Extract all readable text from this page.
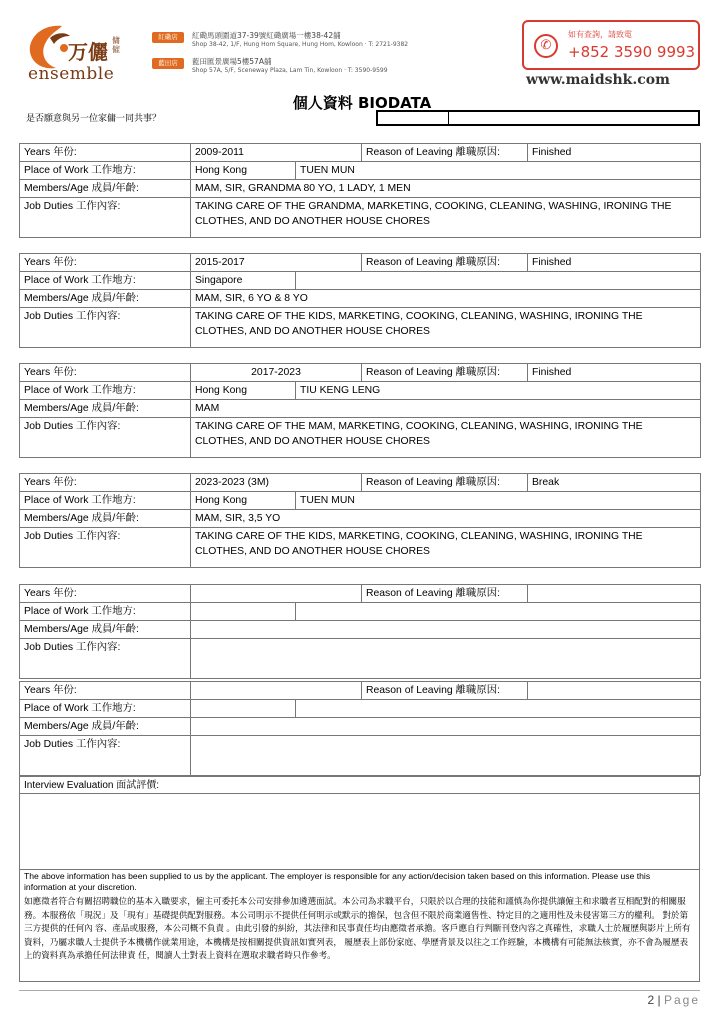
万儷 傭僱
ensemble
紅磡店	紅磡馬頭圍道37-39號紅磡廣場一樓38-42舖
Shop 38-42, 1/F, Hung Hom Square, Hung Hom, Kowloon · T: 2721-9382
藍田店	藍田匯景廣場5樓57A舖
Shop 57A, 5/F, Sceneway Plaza, Lam Tin, Kowloon · T: 3590-9599
✆
如有查詢，請致電
+852 3590 9993
www.maidshk.com
個人資料 BIODATA
是否願意與另一位家傭一同共事？
Years 年份:	2009-2011		Reason of Leaving 離職原因:	Finished
Place of Work 工作地方:	Hong Kong	TUEN MUN		
Members/Age 成員/年齡:	MAM, SIR, GRANDMA 80 YO, 1 LADY, 1 MEN			
Job Duties 工作內容:	TAKING CARE OF THE GRANDMA, MARKETING, COOKING, CLEANING, WASHING, IRONING THE CLOTHES, AND DO ANOTHER HOUSE CHORES			
Years 年份:	2015-2017		Reason of Leaving 離職原因:	Finished
Place of Work 工作地方:	Singapore			
Members/Age 成員/年齡:	MAM, SIR, 6 YO & 8 YO			
Job Duties 工作內容:	TAKING CARE OF THE KIDS, MARKETING, COOKING, CLEANING, WASHING, IRONING THE CLOTHES, AND DO ANOTHER HOUSE CHORES			
Years 年份:	2017-2023		Reason of Leaving 離職原因:	Finished
Place of Work 工作地方:	Hong Kong	TIU KENG LENG		
Members/Age 成員/年齡:	MAM			
Job Duties 工作內容:	TAKING CARE OF THE MAM, MARKETING, COOKING, CLEANING, WASHING, IRONING THE CLOTHES, AND DO ANOTHER HOUSE CHORES			
Years 年份:	2023-2023 (3M)		Reason of Leaving 離職原因:	Break
Place of Work 工作地方:	Hong Kong	TUEN MUN		
Members/Age 成員/年齡:	MAM, SIR, 3,5 YO			
Job Duties 工作內容:	TAKING CARE OF THE KIDS, MARKETING, COOKING, CLEANING, WASHING, IRONING THE CLOTHES, AND DO ANOTHER HOUSE CHORES			
Years 年份:			Reason of Leaving 離職原因:	
Place of Work 工作地方:				
Members/Age 成員/年齡:				
Job Duties 工作內容:				
Years 年份:			Reason of Leaving 離職原因:	
Place of Work 工作地方:				
Members/Age 成員/年齡:				
Job Duties 工作內容:				
Interview Evaluation 面試評價:
The above information has been supplied to us by the applicant. The employer is responsible for any action/decision taken based on this information. Please use this information at your discretion.
如應徵者符合有關招聘職位的基本入職要求，僱主可委托本公司安排參加遴選面試。本公司為求職平台，只限於以合理的技能和謹慎為你提供讓僱主和求職者互相配對的相關服務。本服務依「現況」及「現有」基礎提供配對服務。本公司明示不提供任何明示或默示的擔保，包含但不限於商業適售性、特定目的之適用性及未侵害第三方的權利。 對於第三方提供的任何內 容、產品或服務，本公司概不負責 。由此引發的糾紛，其法律和民事責任均由應徵者承擔。客戶應自行判斷刊登內容之真確性，求職人士於履歷與影片上所有資料，乃屬求職人士提供予本機構作就業用途，本機構是按相關提供資訊如實列表， 履歷表上部份家庭、學歷背景及以往之工作經驗，本機構有可能無法核實，亦不會為履歷表上的資料真為承擔任何法律責 任，閱讀人士對表上資料在選取求職者時只作參考。
2 | Page
